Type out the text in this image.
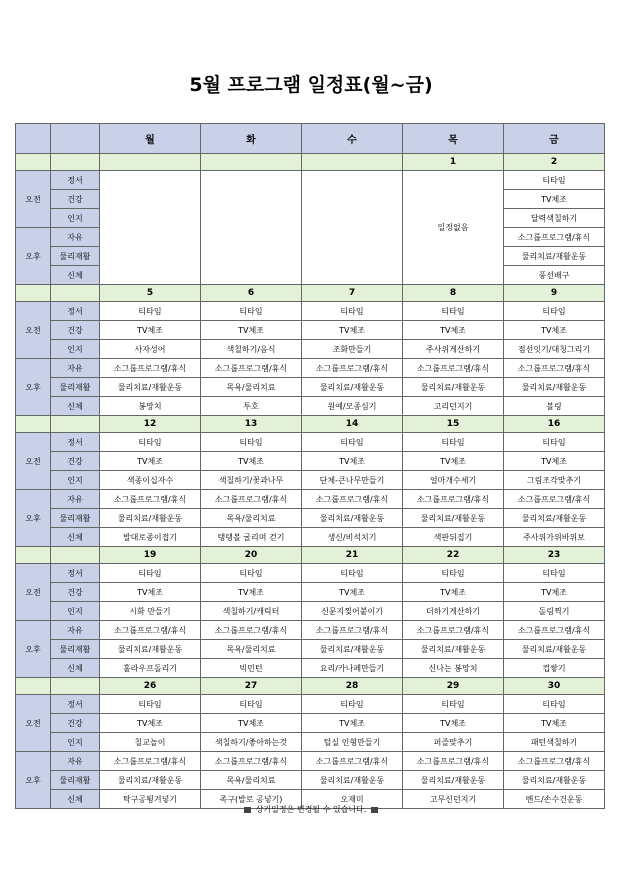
5월 프로그램 일정표(월~금)
		월	화	수	목	금
					1	2
오전	정서				일정없음	티타임
	건강					TV체조
	인지					달력색칠하기
오후	자유					소그룹프로그램/휴식
	물리재활					물리치료/재활운동
	신체					풍선배구
		5	6	7	8	9
오전	정서	티타임	티타임	티타임	티타임	티타임
	건강	TV체조	TV체조	TV체조	TV체조	TV체조
	인지	사자성어	색칠하기/음식	조화만들기	주사위게산하기	점선잇기/대칭그리기
오후	자유	소그룹프로그램/휴식	소그룹프로그램/휴식	소그룹프로그램/휴식	소그룹프로그램/휴식	소그룹프로그램/휴식
	물리재활	물리치료/재활운동	목욕/물리치료	물리치료/재활운동	물리치료/재활운동	물리치료/재활운동
	신체	봉망치	투호	원예/모종심기	고리던지기	볼링
		12	13	14	15	16
오전	정서	티타임	티타임	티타임	티타임	티타임
	건강	TV체조	TV체조	TV체조	TV체조	TV체조
	인지	색종이십자수	색칠하기/꽃과나무	단체-큰나무만들기	얼마개수세기	그림조각맞추기
오후	자유	소그룹프로그램/휴식	소그룹프로그램/휴식	소그룹프로그램/휴식	소그룹프로그램/휴식	소그룹프로그램/휴식
	물리재활	물리치료/재활운동	목욕/물리치료	물리치료/재활운동	물리치료/재활운동	물리치료/재활운동
	신체	발대로종이접기	탱탱볼 굴리며 걷기	생신/비석치기	색판뒤집기	주사위가위바위보
		19	20	21	22	23
오전	정서	티타임	티타임	티타임	티타임	티타임
	건강	TV체조	TV체조	TV체조	TV체조	TV체조
	인지	시화 만들기	색칠하기/캐릭터	신문지찢어붙이기	더하기게산하기	돌림찍기
오후	자유	소그룹프로그램/휴식	소그룹프로그램/휴식	소그룹프로그램/휴식	소그룹프로그램/휴식	소그룹프로그램/휴식
	물리재활	물리치료/재활운동	목욕/물리치료	물리치료/재활운동	물리치료/재활운동	물리치료/재활운동
	신체	훌라우프돌리기	빅민턴	요리/카나페만들기	신나는 봉망치	컵쌓기
		26	27	28	29	30
오전	정서	티타임	티타임	티타임	티타임	티타임
	건강	TV체조	TV체조	TV체조	TV체조	TV체조
	인지	칠교놀이	색칠하기/좋아하는것	털실 인형만들기	퍼즐맞추기	패턴색칠하기
오후	자유	소그룹프로그램/휴식	소그룹프로그램/휴식	소그룹프로그램/휴식	소그룹프로그램/휴식	소그룹프로그램/휴식
	물리재활	물리치료/재활운동	목욕/물리치료	물리치료/재활운동	물리치료/재활운동	물리치료/재활운동
	신체	탁구공튕겨넣기	족구(발로 공넣기)	오재미	고무신던지기	밴드/손수건운동
상기일정은 변경될 수 있습니다.
